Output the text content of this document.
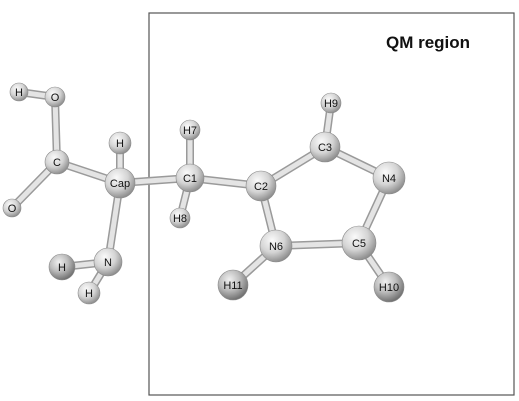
H	O
C
O
H
Cap
N
H
H
H7
C1
H8
C2
H9
C3
N4
N6	C5
H11	H10
QM region
